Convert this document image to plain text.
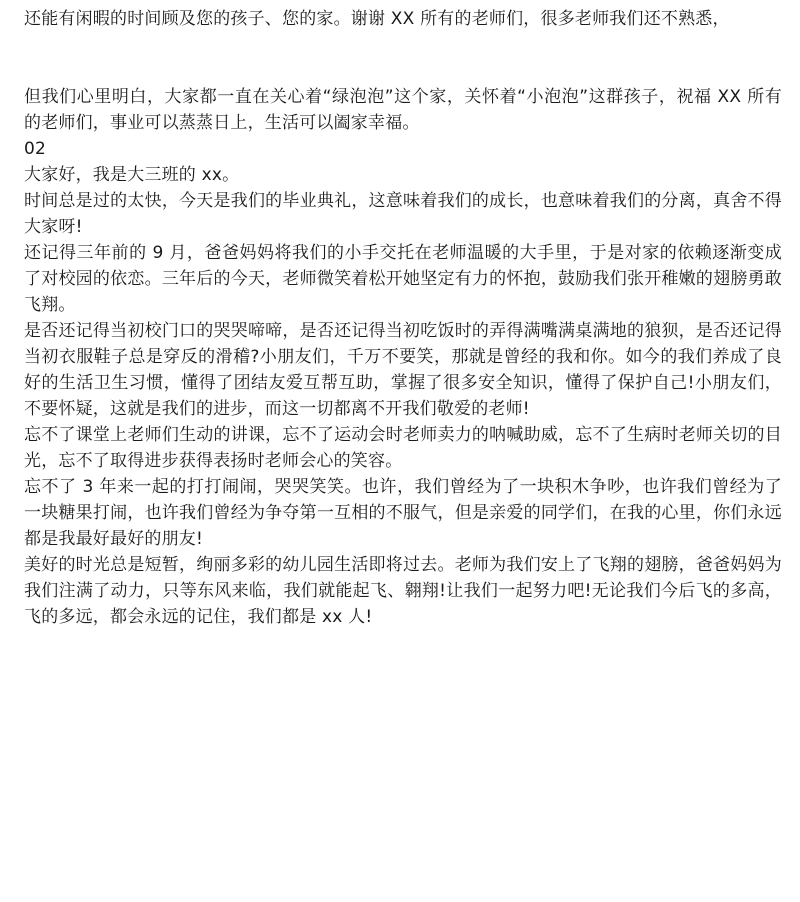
还能有闲暇的时间顾及您的孩子、您的家。谢谢 XX 所有的老师们，很多老师我们还不熟悉，

但我们心里明白，大家都一直在关心着“绿泡泡”这个家，关怀着“小泡泡”这群孩子，祝福 XX 所有的老师们，事业可以蒸蒸日上，生活可以阖家幸福。

02

大家好，我是大三班的 xx。

时间总是过的太快，今天是我们的毕业典礼，这意味着我们的成长，也意味着我们的分离，真舍不得大家呀!

还记得三年前的 9 月，爸爸妈妈将我们的小手交托在老师温暖的大手里，于是对家的依赖逐渐变成了对校园的依恋。三年后的今天，老师微笑着松开她坚定有力的怀抱，鼓励我们张开稚嫩的翅膀勇敢飞翔。

是否还记得当初校门口的哭哭啼啼，是否还记得当初吃饭时的弄得满嘴满桌满地的狼狈，是否还记得当初衣服鞋子总是穿反的滑稽?小朋友们，千万不要笑，那就是曾经的我和你。如今的我们养成了良好的生活卫生习惯，懂得了团结友爱互帮互助，掌握了很多安全知识，懂得了保护自己!小朋友们，不要怀疑，这就是我们的进步，而这一切都离不开我们敬爱的老师!

忘不了课堂上老师们生动的讲课，忘不了运动会时老师卖力的呐喊助威，忘不了生病时老师关切的目光，忘不了取得进步获得表扬时老师会心的笑容。

忘不了 3 年来一起的打打闹闹，哭哭笑笑。也许，我们曾经为了一块积木争吵，也许我们曾经为了一块糖果打闹，也许我们曾经为争夺第一互相的不服气，但是亲爱的同学们，在我的心里，你们永远都是我最好最好的朋友!

美好的时光总是短暂，绚丽多彩的幼儿园生活即将过去。老师为我们安上了飞翔的翅膀，爸爸妈妈为我们注满了动力，只等东风来临，我们就能起飞、翱翔!让我们一起努力吧!无论我们今后飞的多高，飞的多远，都会永远的记住，我们都是 xx 人!
